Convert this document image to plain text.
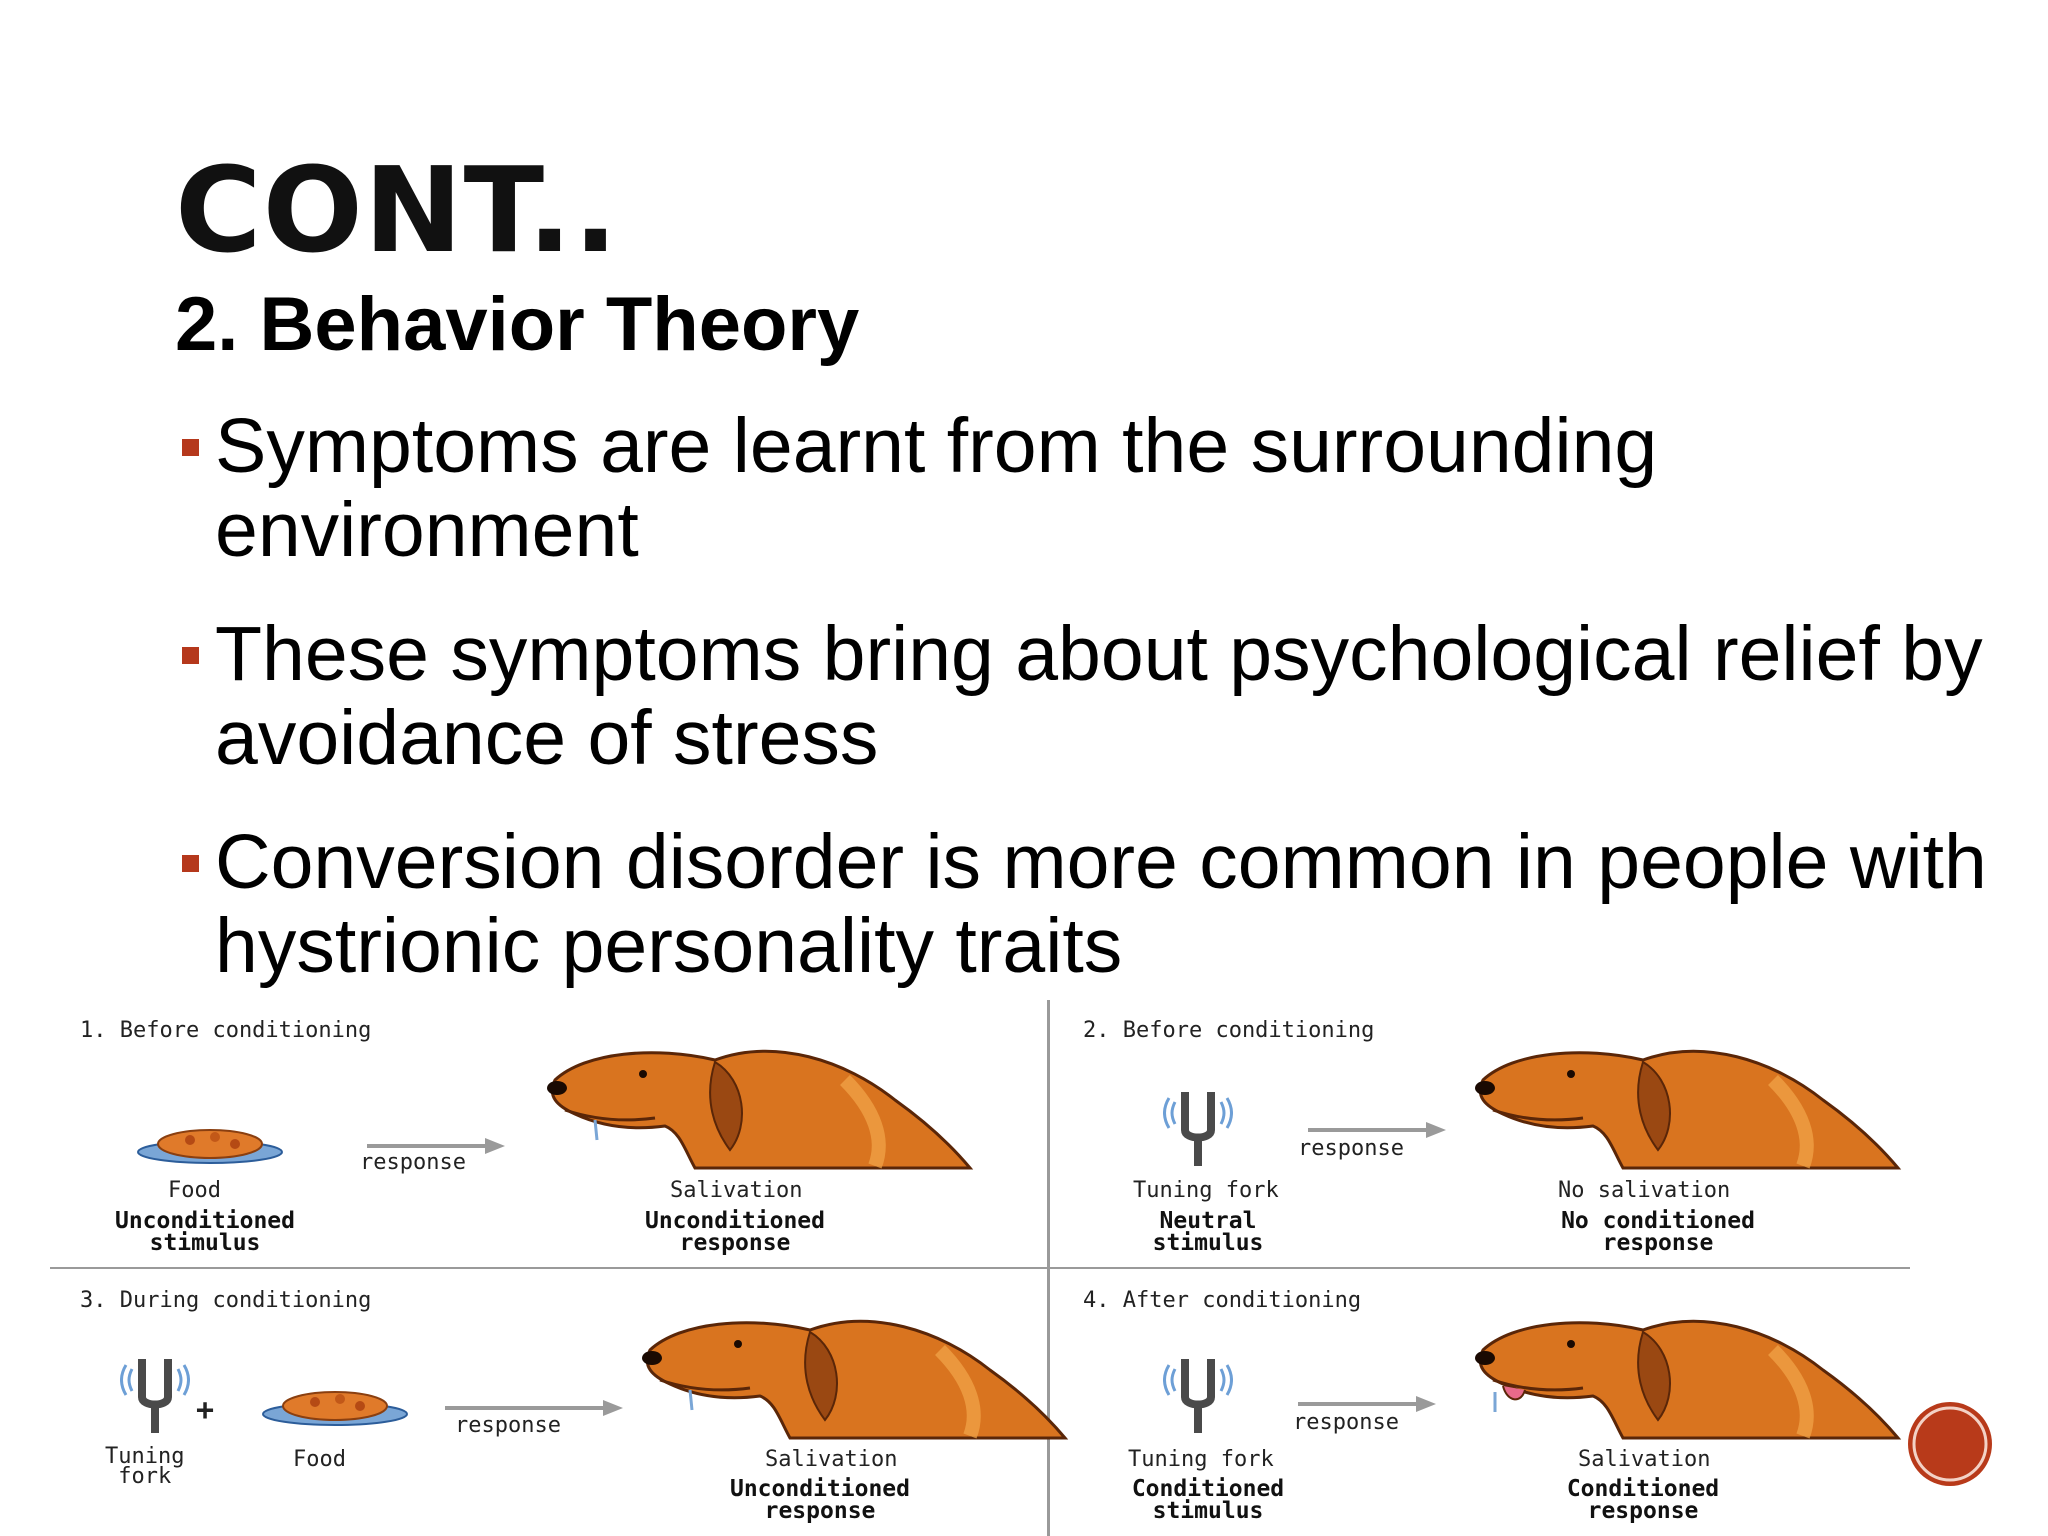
CONT..
2. Behavior Theory
Symptoms are learnt from the surrounding environment
These symptoms bring about psychological relief by avoidance of stress
Conversion disorder is more common in people with hystrionic personality traits
1. Before conditioning
response
Food
Unconditioned
stimulus
Salivation
Unconditioned
response
2. Before conditioning
response
Tuning fork
Neutral
stimulus
No salivation
No conditioned
response
3. During conditioning
+	response
Tuning
fork
Food	Salivation
Unconditioned
response
4. After conditioning
response
Tuning fork
Conditioned
stimulus
Salivation
Conditioned
response
